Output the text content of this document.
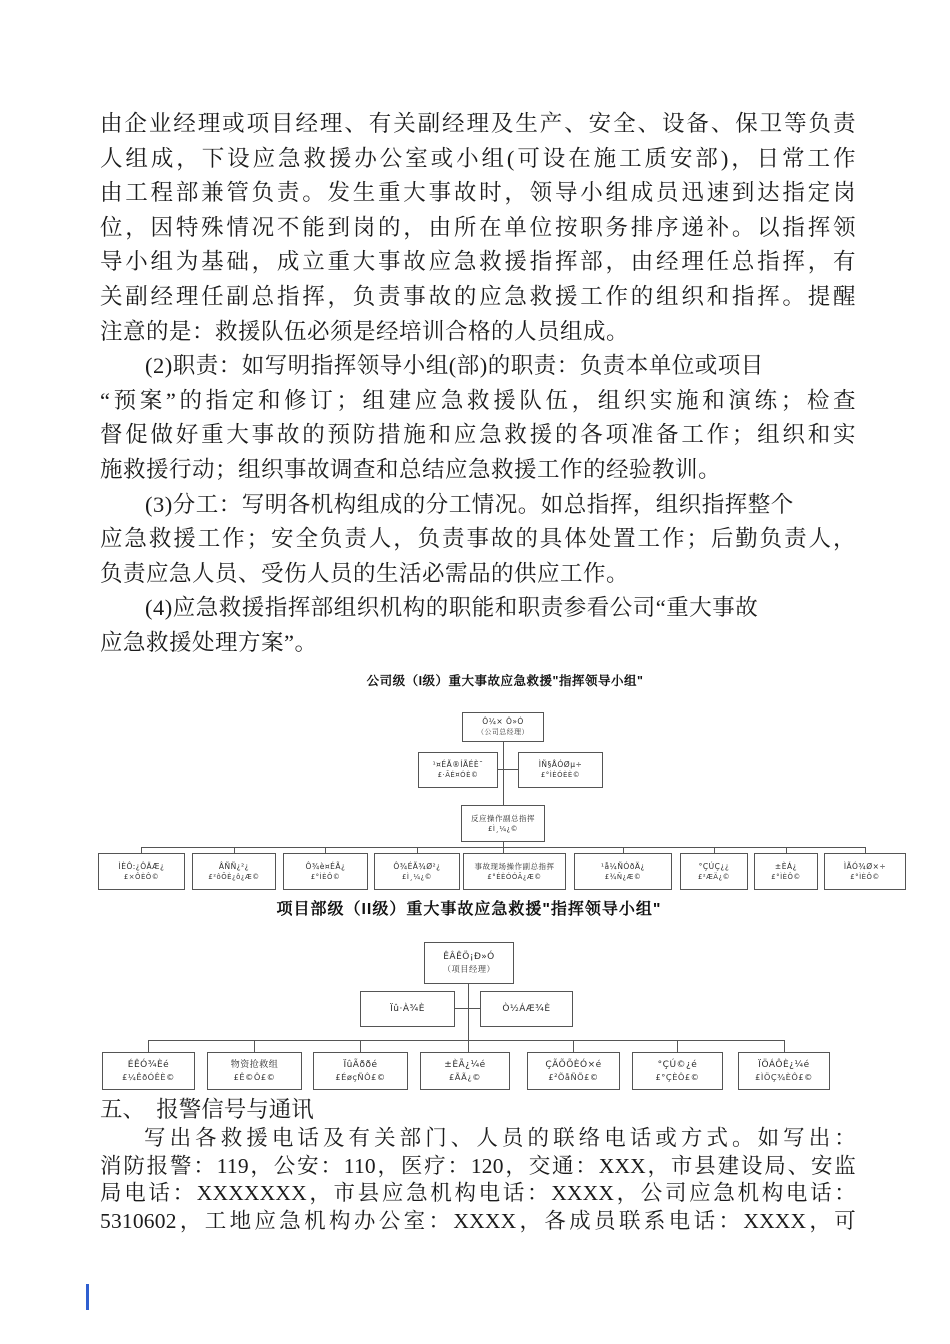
由企业经理或项目经理、有关副经理及生产、安全、设备、保卫等负责
人组成，下设应急救援办公室或小组(可设在施工质安部)，日常工作
由工程部兼管负责。发生重大事故时，领导小组成员迅速到达指定岗
位，因特殊情况不能到岗的，由所在单位按职务排序递补。以指挥领
导小组为基础，成立重大事故应急救援指挥部，由经理任总指挥，有
关副经理任副总指挥，负责事故的应急救援工作的组织和指挥。提醒
注意的是：救援队伍必须是经培训合格的人员组成。
(2)职责：如写明指挥领导小组(部)的职责：负责本单位或项目
“预案”的指定和修订；组建应急救援队伍，组织实施和演练；检查
督促做好重大事故的预防措施和应急救援的各项准备工作；组织和实
施救援行动；组织事故调查和总结应急救援工作的经验教训。
(3)分工：写明各机构组成的分工情况。如总指挥，组织指挥整个
应急救援工作；安全负责人，负责事故的具体处置工作；后勤负责人，
负责应急人员、受伤人员的生活必需品的供应工作。
(4)应急救援指挥部组织机构的职能和职责参看公司“重大事故
应急救援处理方案”。
公司级（I级）重大事故应急救援"指挥领导小组"
Ô¼× Ô»Ó
（公司总经理）
¹¤ÉÃ®ÍÃÉÈ¯
£·ÃÉ¤ÓÈ©
ÌÑ§ÅÓØµ÷
£°ÌÈÓÈÈ©
反应操作副总指挥
£Ì¸¼¿©
ÌÈÔ:¿ÔÄÆ¿
£×ÔÈÔ©
ÂÑÑ¿²¿
£²ôÕÈ¿ô¿Æ©
Ô¾è¤ÉÃ¿
£°ÌÈÔ©
Ô¾ÉÃ¾Ø²¿
£Ì¸¼¿©
事故现场操作副总指挥
£°ÉÈÓÓÃ¿Æ©
¹å¼ÑÓðÄ¿
£¾Ñ¿Æ©
°ÇÚÇ¿¿
£²ÆÄ¿©
±ÈÁ¿
£°ÌÈÔ©
ÌÃÓ¾Ø×÷
£°ÌÈÔ©
项目部级（II级）重大事故应急救援"指挥领导小组"
ÊÂÊÖ¡Ð»Ó
（项目经理）
Ïû·À¾È	Ò½ÁÆ¾È
ÉÊÓ¾Èé
£¼ÊðÓÊÈ©
物资抢救组
£Ê©Ô£©
ÏûÃððé
£ÉøçÑÔ£©
±ÈÃ¿¼é
£ÃÃ¿©
ÇÃÕÕÈÓ×é
£²ÕåÑÕ£©
°ÇÚ©¿é
£°ÇÈÔ£©
ÏÖÁÔÈ¿¼é
£ÌÖÇ¾ÈÔ£©
五、　报警信号与通讯
写出各救援电话及有关部门、人员的联络电话或方式。如写出：
消防报警：119，公安：110，医疗：120，交通：XXX，市县建设局、安监
局电话：XXXXXXX，市县应急机构电话：XXXX，公司应急机构电话：
5310602，工地应急机构办公室：XXXX，各成员联系电话：XXXX，可
